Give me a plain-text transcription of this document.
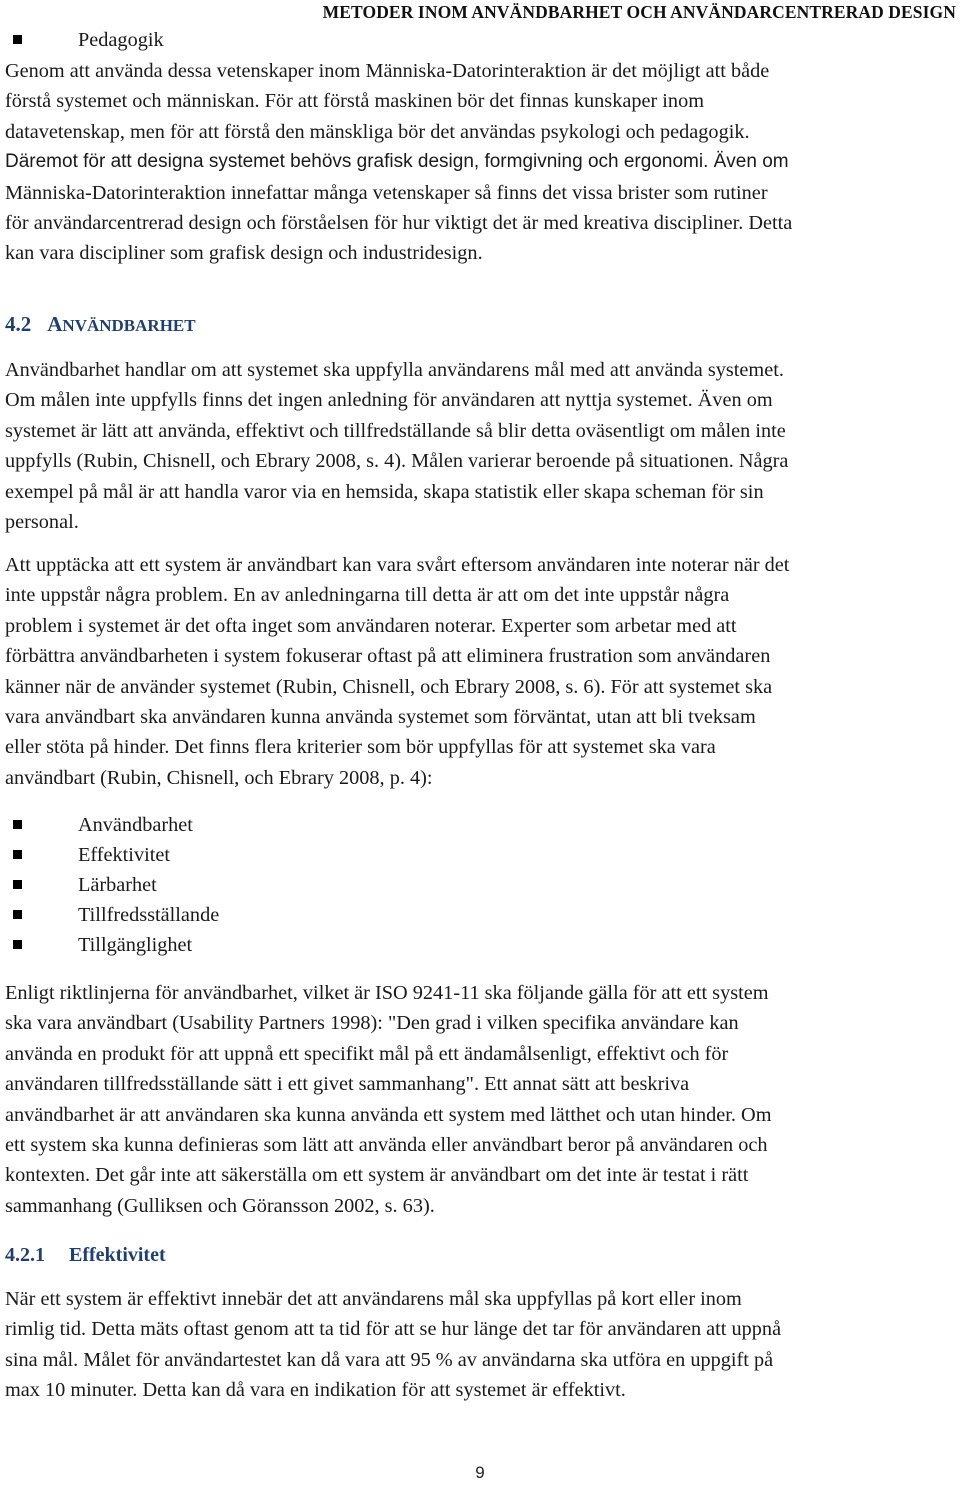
METODER INOM ANVÄNDBARHET OCH ANVÄNDARCENTRERAD DESIGN
Pedagogik
Genom att använda dessa vetenskaper inom Människa-Datorinteraktion är det möjligt att både
förstå systemet och människan. För att förstå maskinen bör det finnas kunskaper inom
datavetenskap, men för att förstå den mänskliga bör det användas psykologi och pedagogik.
Däremot för att designa systemet behövs grafisk design, formgivning och ergonomi. Även om
Människa-Datorinteraktion innefattar många vetenskaper så finns det vissa brister som rutiner
för användarcentrerad design och förståelsen för hur viktigt det är med kreativa discipliner. Detta
kan vara discipliner som grafisk design och industridesign.
4.2 ANVÄNDBARHET
Användbarhet handlar om att systemet ska uppfylla användarens mål med att använda systemet.
Om målen inte uppfylls finns det ingen anledning för användaren att nyttja systemet. Även om
systemet är lätt att använda, effektivt och tillfredställande så blir detta oväsentligt om målen inte
uppfylls (Rubin, Chisnell, och Ebrary 2008, s. 4). Målen varierar beroende på situationen. Några
exempel på mål är att handla varor via en hemsida, skapa statistik eller skapa scheman för sin
personal.
Att upptäcka att ett system är användbart kan vara svårt eftersom användaren inte noterar när det
inte uppstår några problem. En av anledningarna till detta är att om det inte uppstår några
problem i systemet är det ofta inget som användaren noterar. Experter som arbetar med att
förbättra användbarheten i system fokuserar oftast på att eliminera frustration som användaren
känner när de använder systemet (Rubin, Chisnell, och Ebrary 2008, s. 6). För att systemet ska
vara användbart ska användaren kunna använda systemet som förväntat, utan att bli tveksam
eller stöta på hinder. Det finns flera kriterier som bör uppfyllas för att systemet ska vara
användbart (Rubin, Chisnell, och Ebrary 2008, p. 4):
Användbarhet
Effektivitet
Lärbarhet
Tillfredsställande
Tillgänglighet
Enligt riktlinjerna för användbarhet, vilket är ISO 9241-11 ska följande gälla för att ett system
ska vara användbart (Usability Partners 1998): "Den grad i vilken specifika användare kan
använda en produkt för att uppnå ett specifikt mål på ett ändamålsenligt, effektivt och för
användaren tillfredsställande sätt i ett givet sammanhang". Ett annat sätt att beskriva
användbarhet är att användaren ska kunna använda ett system med lätthet och utan hinder. Om
ett system ska kunna definieras som lätt att använda eller användbart beror på användaren och
kontexten. Det går inte att säkerställa om ett system är användbart om det inte är testat i rätt
sammanhang (Gulliksen och Göransson 2002, s. 63).
4.2.1 Effektivitet
När ett system är effektivt innebär det att användarens mål ska uppfyllas på kort eller inom
rimlig tid. Detta mäts oftast genom att ta tid för att se hur länge det tar för användaren att uppnå
sina mål. Målet för användartestet kan då vara att 95 % av användarna ska utföra en uppgift på
max 10 minuter. Detta kan då vara en indikation för att systemet är effektivt.
9
